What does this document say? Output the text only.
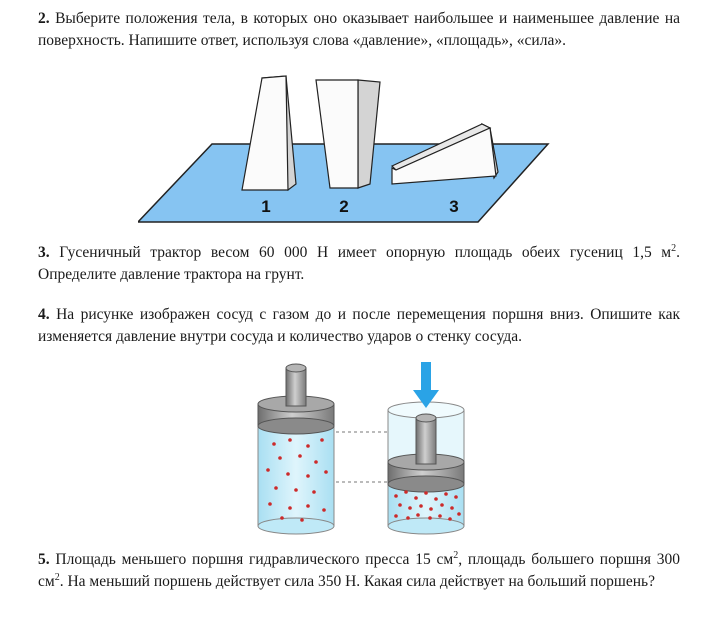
2. Выберите положения тела, в которых оно оказывает наибольшее и наименьшее давление на поверхность. Напишите ответ, используя слова «давление», «площадь», «сила».
1	2	3
3. Гусеничный трактор весом 60 000 Н имеет опорную площадь обеих гусениц 1,5 $м^2$. Определите давление трактора на грунт.
4. На рисунке изображен сосуд с газом до и после перемещения поршня вниз. Опишите как изменяется давление внутри сосуда и количество ударов о стенку сосуда.
5. Площадь меньшего поршня гидравлического пресса 15 $см^2$, площадь большего поршня 300 $см^2$. На меньший поршень действует сила 350 Н. Какая сила действует на больший поршень?
